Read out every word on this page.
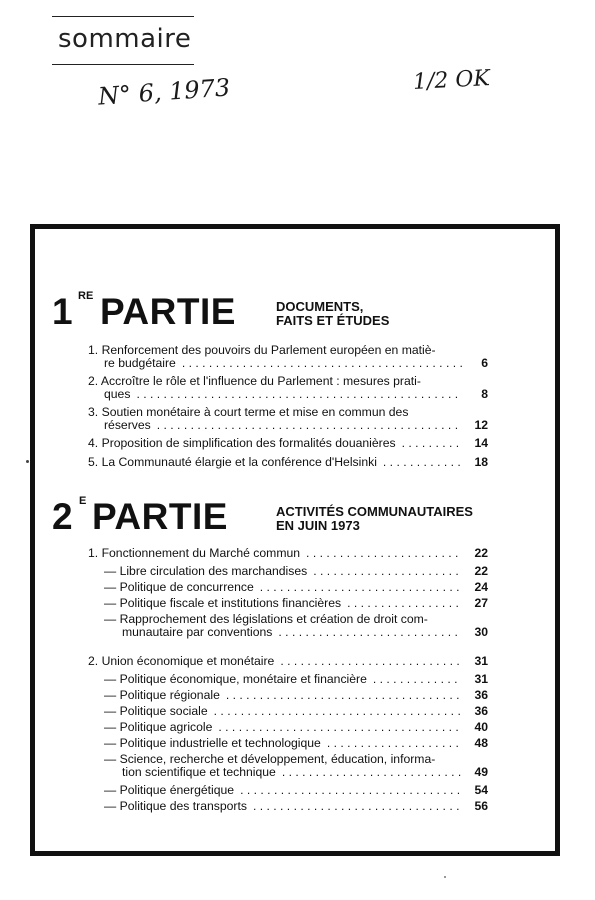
sommaire
N° 6, 1973	1/2 OK
1 RE PARTIE	DOCUMENTS,
FAITS ET ÉTUDES
1. Renforcement des pouvoirs du Parlement européen en matiè-
re budgétaire . . .	6
2. Accroître le rôle et l'influence du Parlement : mesures prati-
ques . . .	8
3. Soutien monétaire à court terme et mise en commun des
réserves . . .	12
4. Proposition de simplification des formalités douanières . . .	14
5. La Communauté élargie et la conférence d'Helsinki . . .	18
2 E PARTIE	ACTIVITÉS COMMUNAUTAIRES
EN JUIN 1973
1. Fonctionnement du Marché commun . . .	22
— Libre circulation des marchandises . . .	22
— Politique de concurrence . . .	24
— Politique fiscale et institutions financières . . .	27
— Rapprochement des législations et création de droit com-
munautaire par conventions . . .	30
2. Union économique et monétaire . . .	31
— Politique économique, monétaire et financière . . .	31
— Politique régionale . . .	36
— Politique sociale . . .	36
— Politique agricole . . .	40
— Politique industrielle et technologique . . .	48
— Science, recherche et développement, éducation, informa-
tion scientifique et technique . . .	49
— Politique énergétique . . .	54
— Politique des transports . . .	56
